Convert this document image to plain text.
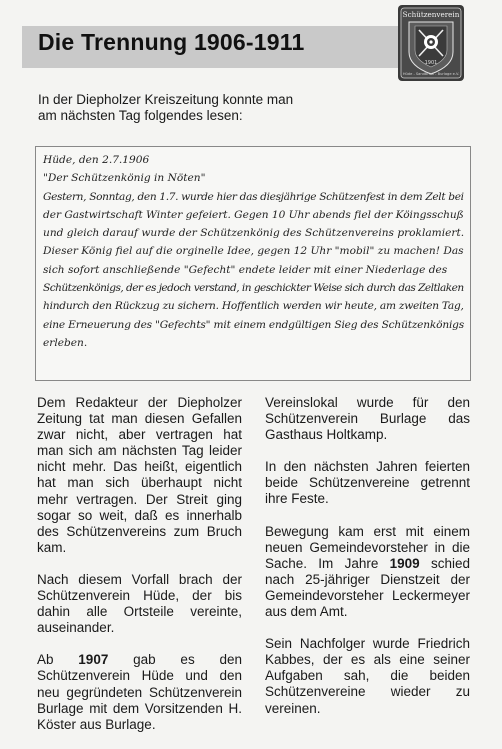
Die Trennung 1906-1911
Schützenverein
1901
Hüde - Sandbrink - Burlage e.V.
In der Diepholzer Kreiszeitung konnte man am nächsten Tag folgendes lesen:
Hüde, den 2.7.1906
"Der Schützenkönig in Nöten"
Gestern, Sonntag, den 1.7. wurde hier das diesjährige Schützenfest in dem Zelt bei
der Gastwirtschaft Winter gefeiert. Gegen 10 Uhr abends fiel der Köingsschuß
und gleich darauf wurde der Schützenkönig des Schützenvereins proklamiert.
Dieser König fiel auf die orginelle Idee, gegen 12 Uhr "mobil" zu machen! Das
sich sofort anschließende "Gefecht" endete leider mit einer Niederlage des
Schützenkönigs, der es jedoch verstand, in geschickter Weise sich durch das Zeltlaken
hindurch den Rückzug zu sichern. Hoffentlich werden wir heute, am zweiten Tag,
eine Erneuerung des "Gefechts" mit einem endgültigen Sieg des Schützenkönigs
erleben.

Dem Redakteur der Diepholzer Zeitung tat man diesen Gefallen zwar nicht, aber vertragen hat man sich am nächsten Tag leider nicht mehr. Das heißt, eigentlich hat man sich überhaupt nicht mehr vertragen. Der Streit ging sogar so weit, daß es innerhalb des Schützenvereins zum Bruch kam.

Nach diesem Vorfall brach der Schützenverein Hüde, der bis dahin alle Ortsteile vereinte, auseinander.

Ab 1907 gab es den Schützenverein Hüde und den neu gegründeten Schützenverein Burlage mit dem Vorsitzenden H. Köster aus Burlage.

Vereinslokal wurde für den Schützenverein Burlage das Gasthaus Holtkamp.

In den nächsten Jahren feierten beide Schützenvereine getrennt ihre Feste.

Bewegung kam erst mit einem neuen Gemeindevorsteher in die Sache. Im Jahre 1909 schied nach 25-jähriger Dienstzeit der Gemeindevorsteher Leckermeyer aus dem Amt.

Sein Nachfolger wurde Friedrich Kabbes, der es als eine seiner Aufgaben sah, die beiden Schützenvereine wieder zu vereinen.
